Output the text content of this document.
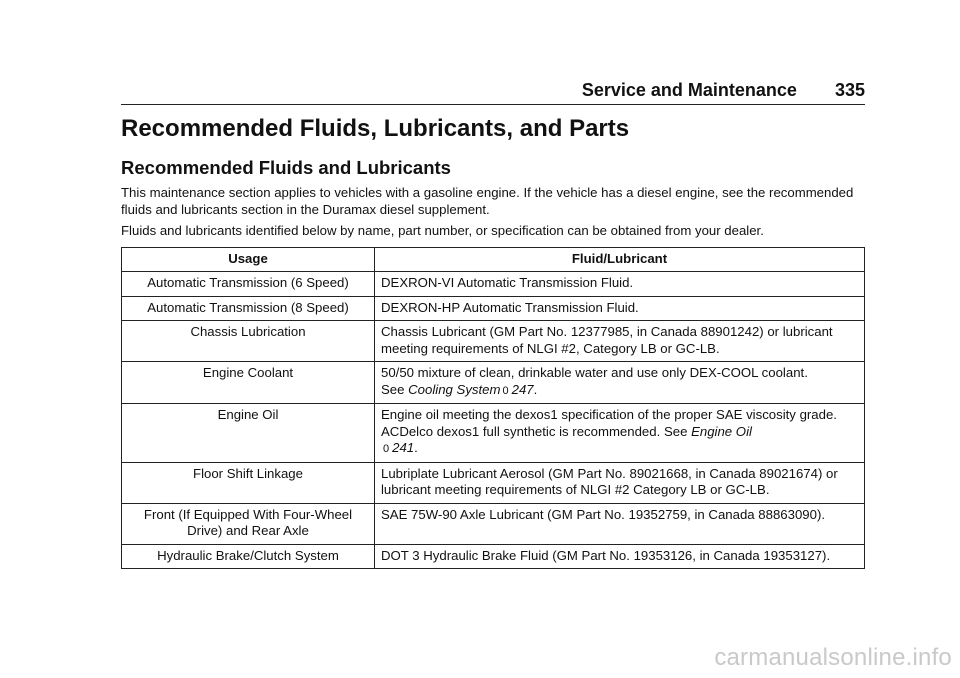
Service and Maintenance 335
Recommended Fluids, Lubricants, and Parts
Recommended Fluids and Lubricants

This maintenance section applies to vehicles with a gasoline engine. If the vehicle has a diesel engine, see the recommended fluids and lubricants section in the Duramax diesel supplement.

Fluids and lubricants identified below by name, part number, or specification can be obtained from your dealer.

Usage	Fluid/Lubricant
Automatic Transmission (6 Speed)	DEXRON-VI Automatic Transmission Fluid.
Automatic Transmission (8 Speed)	DEXRON-HP Automatic Transmission Fluid.
Chassis Lubrication	Chassis Lubricant (GM Part No. 12377985, in Canada 88901242) or lubricant meeting requirements of NLGI #2, Category LB or GC-LB.
Engine Coolant	50/50 mixture of clean, drinkable water and use only DEX-COOL coolant.
See Cooling System 0 247.
Engine Oil	Engine oil meeting the dexos1 specification of the proper SAE viscosity grade. ACDelco dexos1 full synthetic is recommended. See Engine Oil
0 241.
Floor Shift Linkage	Lubriplate Lubricant Aerosol (GM Part No. 89021668, in Canada 89021674) or lubricant meeting requirements of NLGI #2 Category LB or GC-LB.
Front (If Equipped With Four-Wheel Drive) and Rear Axle	SAE 75W-90 Axle Lubricant (GM Part No. 19352759, in Canada 88863090).
Hydraulic Brake/Clutch System	DOT 3 Hydraulic Brake Fluid (GM Part No. 19353126, in Canada 19353127).
carmanualsonline.info
